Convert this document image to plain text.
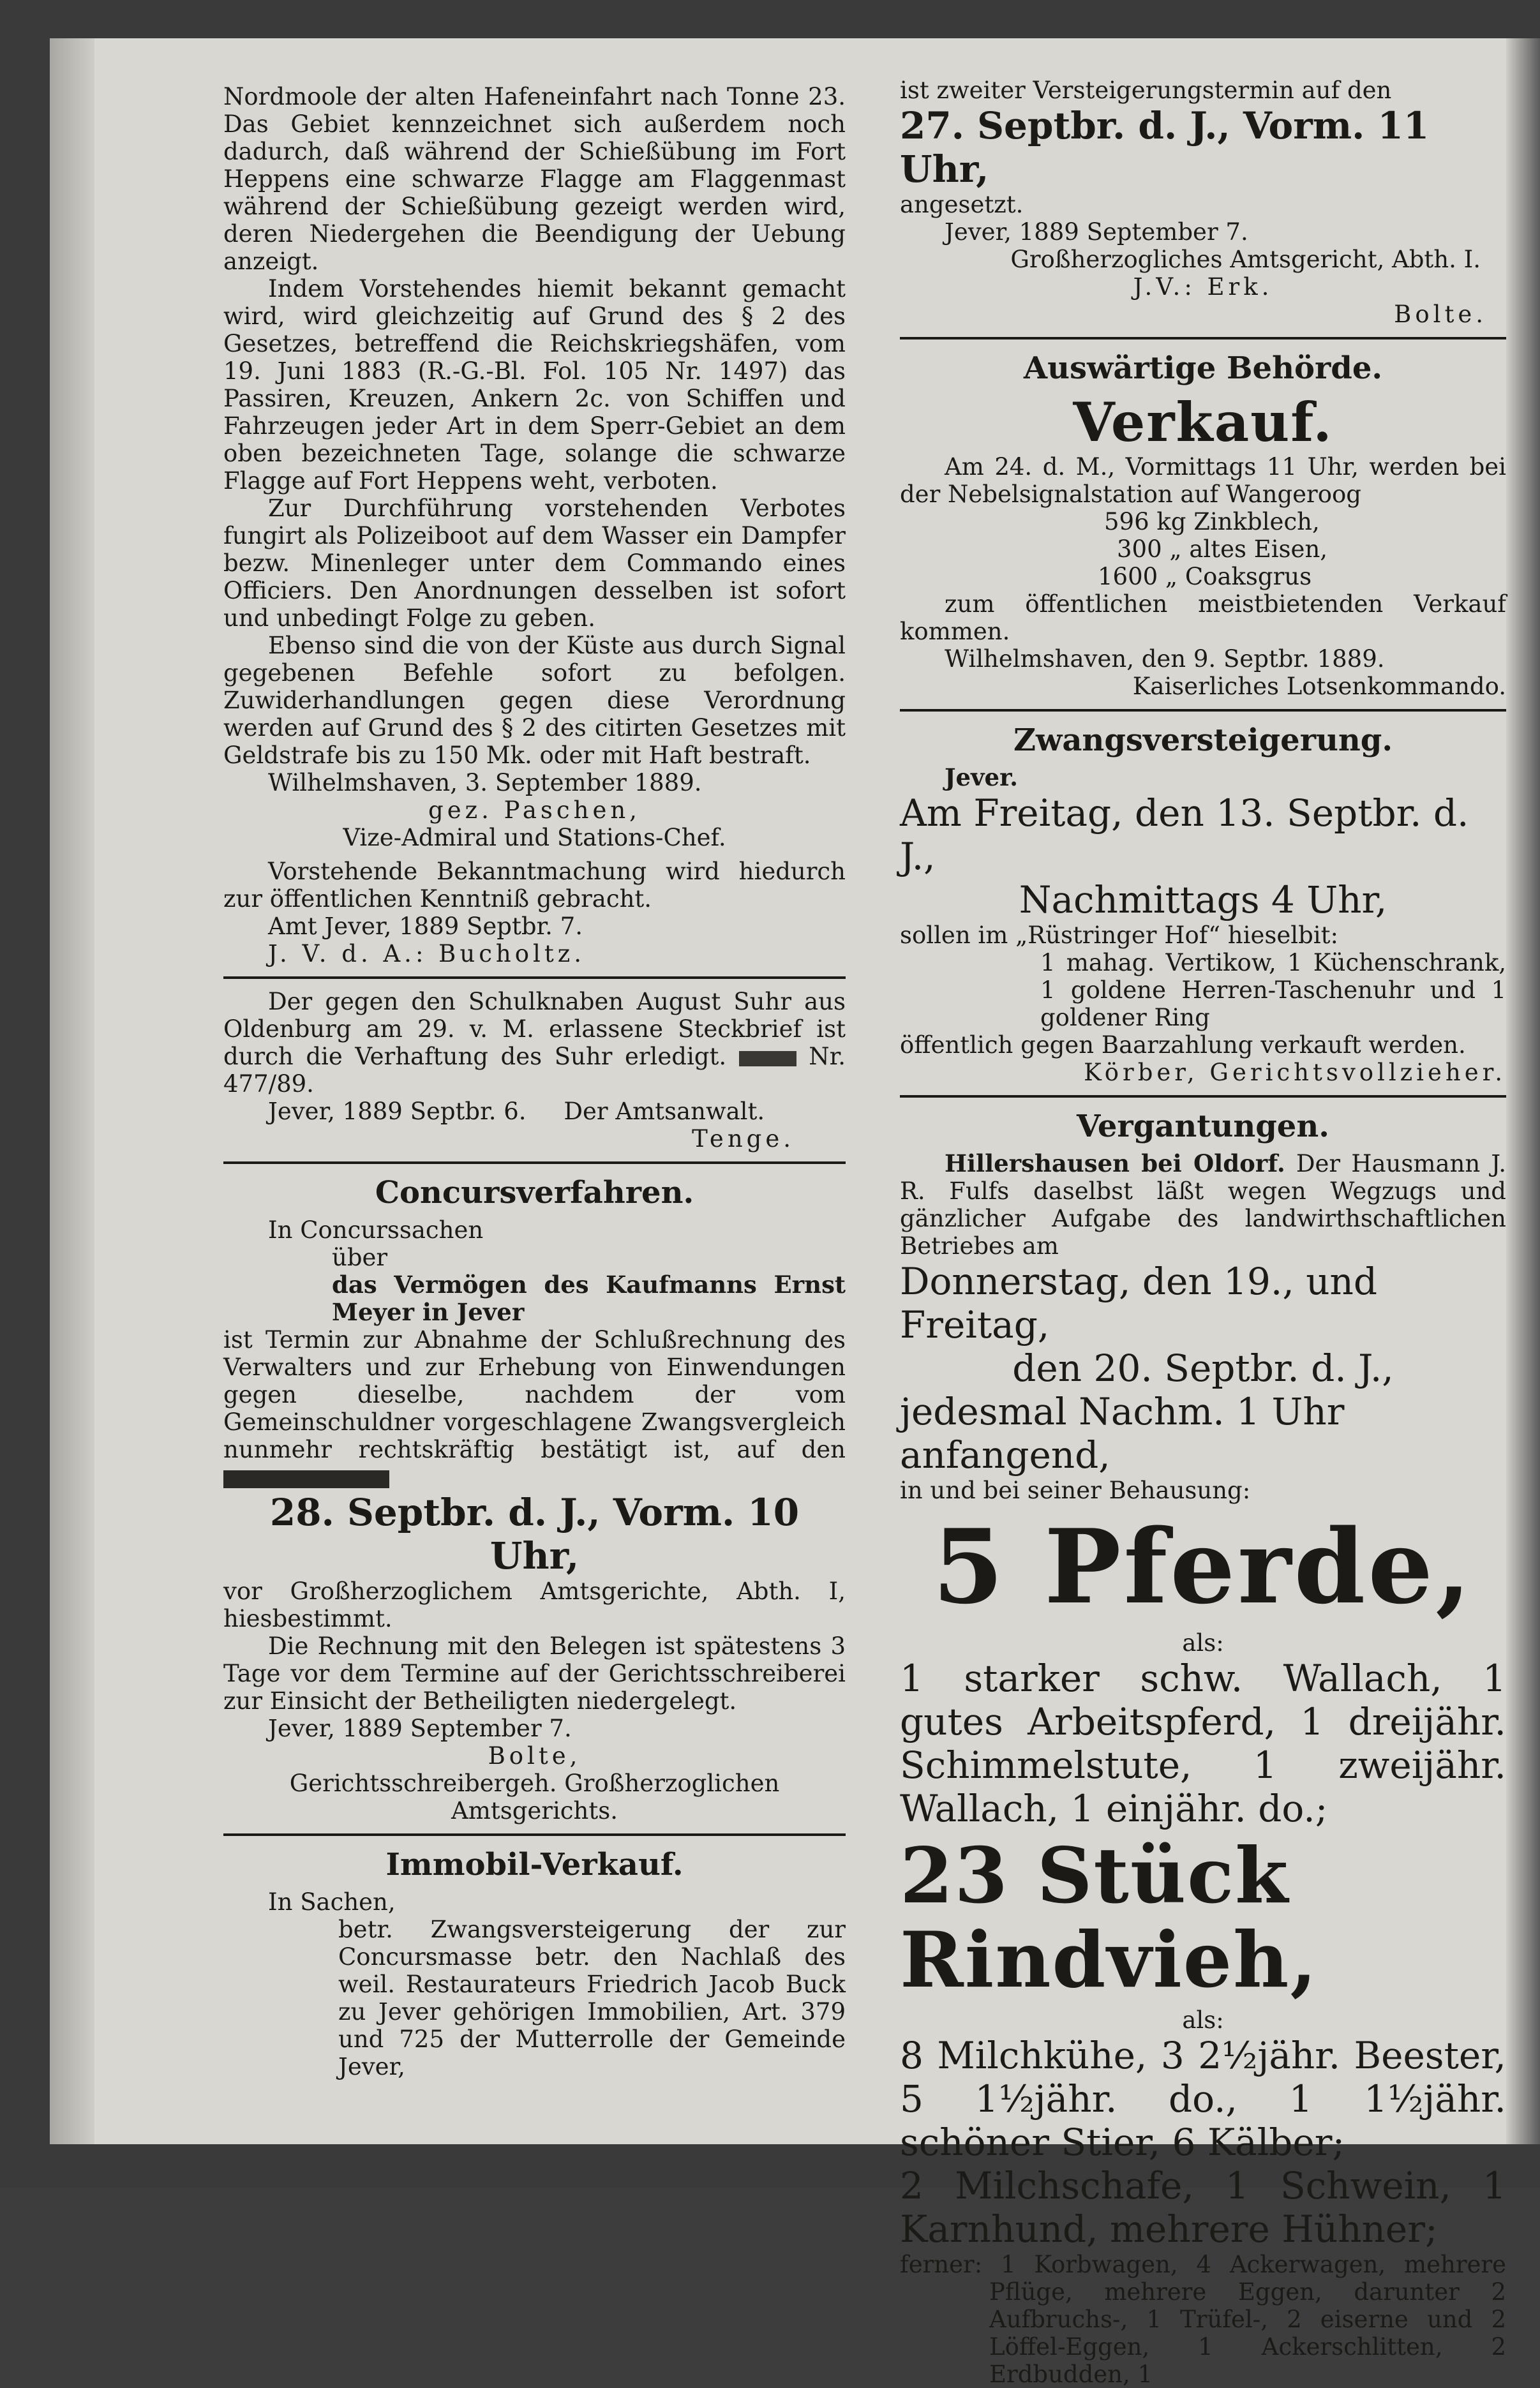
Nordmoole der alten Hafeneinfahrt nach Tonne 23. Das Gebiet kennzeichnet sich außerdem noch dadurch, daß während der Schießübung im Fort Heppens eine schwarze Flagge am Flaggenmast während der Schießübung gezeigt werden wird, deren Niedergehen die Beendigung der Uebung anzeigt.

Indem Vorstehendes hiemit bekannt gemacht wird, wird gleichzeitig auf Grund des § 2 des Gesetzes, betreffend die Reichskriegshäfen, vom 19. Juni 1883 (R.-G.-Bl. Fol. 105 Nr. 1497) das Passiren, Kreuzen, Ankern 2c. von Schiffen und Fahrzeugen jeder Art in dem Sperr-Gebiet an dem oben bezeichneten Tage, solange die schwarze Flagge auf Fort Heppens weht, verboten.

Zur Durchführung vorstehenden Verbotes fungirt als Polizeiboot auf dem Wasser ein Dampfer bezw. Minenleger unter dem Commando eines Officiers. Den Anordnungen desselben ist sofort und unbedingt Folge zu geben.

Ebenso sind die von der Küste aus durch Signal gegebenen Befehle sofort zu befolgen. Zuwiderhandlungen gegen diese Verordnung werden auf Grund des § 2 des citirten Gesetzes mit Geldstrafe bis zu 150 Mk. oder mit Haft bestraft.

Wilhelmshaven, 3. September 1889.

gez. Paschen,

Vize-Admiral und Stations-Chef.

Vorstehende Bekanntmachung wird hiedurch zur öffentlichen Kenntniß gebracht.

Amt Jever, 1889 Septbr. 7.

J. V. d. A.: Bucholtz.

Der gegen den Schulknaben August Suhr aus Oldenburg am 29. v. M. erlassene Steckbrief ist durch die Verhaftung des Suhr erledigt.	Nr. 477/89.

Jever, 1889 Septbr. 6. Der Amtsanwalt.

Tenge.

Concursverfahren.

In Concurssachen

über

das Vermögen des Kaufmanns Ernst Meyer in Jever

ist Termin zur Abnahme der Schlußrechnung des Verwalters und zur Erhebung von Einwendungen gegen dieselbe, nachdem der vom Gemeinschuldner vorgeschlagene Zwangsvergleich nunmehr rechtskräftig bestätigt ist, auf den

28. Septbr. d. J., Vorm. 10 Uhr,

vor Großherzoglichem Amtsgerichte, Abth. I, hiesbestimmt.

Die Rechnung mit den Belegen ist spätestens 3 Tage vor dem Termine auf der Gerichtsschreiberei zur Einsicht der Betheiligten niedergelegt.

Jever, 1889 September 7.

Bolte,

Gerichtsschreibergeh. Großherzoglichen Amtsgerichts.

Immobil-Verkauf.

In Sachen,

betr. Zwangsversteigerung der zur Concursmasse betr. den Nachlaß des weil. Restaurateurs Friedrich Jacob Buck zu Jever gehörigen Immobilien, Art. 379 und 725 der Mutterrolle der Gemeinde Jever,

ist zweiter Versteigerungstermin auf den

27. Septbr. d. J., Vorm. 11 Uhr,

angesetzt.

Jever, 1889 September 7.

Großherzogliches Amtsgericht, Abth. I.

J.V.: Erk.

Bolte.

Auswärtige Behörde.

Verkauf.

Am 24. d. M., Vormittags 11 Uhr, werden bei der Nebelsignalstation auf Wangeroog

596 kg Zinkblech,

300 „ altes Eisen,

1600 „ Coaksgrus

zum öffentlichen meistbietenden Verkauf kommen.

Wilhelmshaven, den 9. Septbr. 1889.

Kaiserliches Lotsenkommando.

Zwangsversteigerung.

Jever.

Am Freitag, den 13. Septbr. d. J.,

Nachmittags 4 Uhr,

sollen im „Rüstringer Hof“ hieselbit:

1 mahag. Vertikow, 1 Küchenschrank, 1 goldene Herren-Taschenuhr und 1 goldener Ring

öffentlich gegen Baarzahlung verkauft werden.

Körber, Gerichtsvollzieher.

Vergantungen.

Hillershausen bei Oldorf. Der Hausmann J. R. Fulfs daselbst läßt wegen Wegzugs und gänzlicher Aufgabe des landwirthschaftlichen Betriebes am

Donnerstag, den 19., und Freitag,

den 20. Septbr. d. J.,

jedesmal Nachm. 1 Uhr anfangend,

in und bei seiner Behausung:

5 Pferde,

als:

1 starker schw. Wallach, 1 gutes Arbeitspferd, 1 dreijähr. Schimmelstute, 1 zweijähr. Wallach, 1 einjähr. do.;

23 Stück Rindvieh,

als:

8 Milchkühe, 3 2½jähr. Beester, 5 1½jähr. do., 1 1½jähr. schöner Stier, 6 Kälber;

2 Milchschafe, 1 Schwein, 1 Karnhund, mehrere Hühner;

ferner: 1 Korbwagen, 4 Ackerwagen, mehrere Pflüge, mehrere Eggen, darunter 2 Aufbruchs-, 1 Trüfel-, 2 eiserne und 2 Löffel-Eggen, 1 Ackerschlitten, 2 Erdbudden, 1
